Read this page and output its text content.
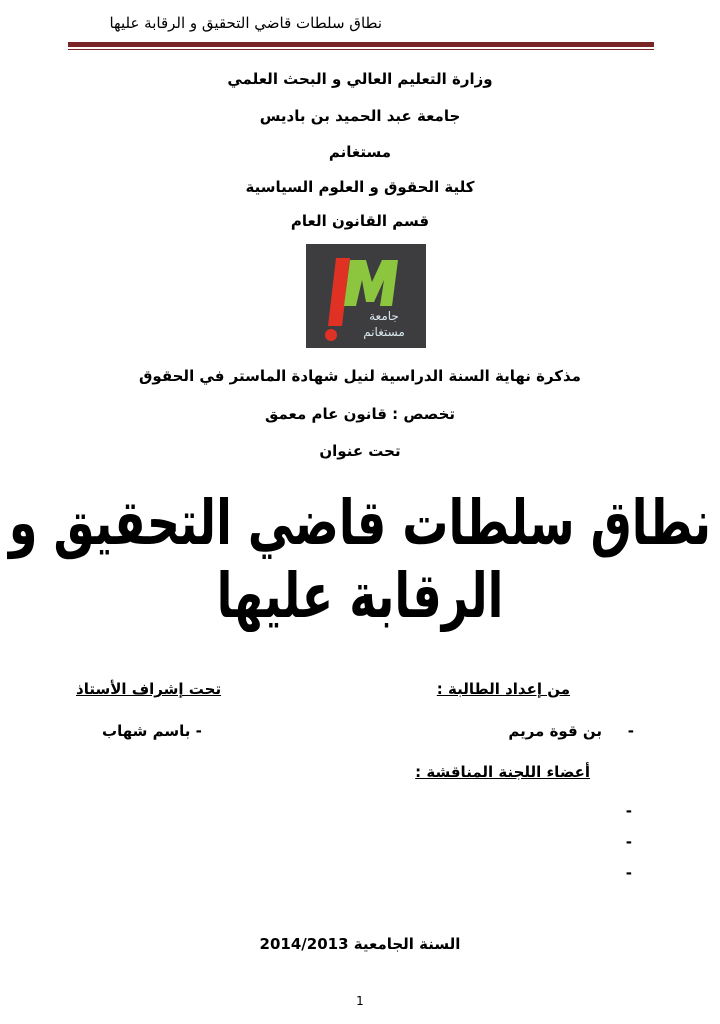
نطاق سلطات قاضي التحقيق و الرقابة عليها
وزارة التعليم العالي و البحث العلمي
جامعة عبد الحميد بن باديس
مستغانم
كلية الحقوق و العلوم السياسية
قسم القانون العام
جامعة
مستغانم
مذكرة نهاية السنة الدراسية لنيل شهادة الماستر في الحقوق
تخصص : قانون عام معمق
تحت عنوان
نطاق سلطات قاضي التحقيق و الرقابة عليها
من إعداد الطالبة :
تحت إشراف الأستاذ
-
بن قوة مريم
- باسم شهاب
أعضاء اللجنة المناقشة :
-
-
-
السنة الجامعية 2014/2013
1
